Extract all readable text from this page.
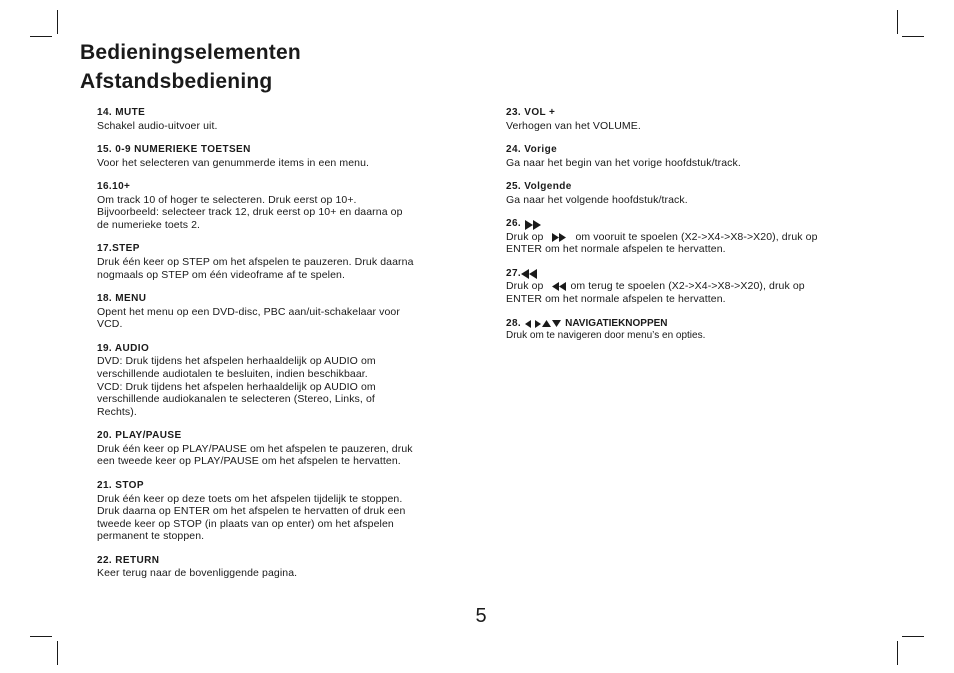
Bedieningselementen
Afstandsbediening
14. MUTE
Schakel audio-uitvoer uit.
15. 0-9 NUMERIEKE TOETSEN
Voor het selecteren van genummerde items in een menu.
16.10+
Om track 10 of hoger te selecteren. Druk eerst op 10+.
Bijvoorbeeld: selecteer track 12, druk eerst op 10+ en daarna op
de numerieke toets 2.
17.STEP
Druk één keer op STEP om het afspelen te pauzeren. Druk daarna
nogmaals op STEP om één videoframe af te spelen.
18. MENU
Opent het menu op een DVD-disc, PBC aan/uit-schakelaar voor
VCD.
19. AUDIO
DVD: Druk tijdens het afspelen herhaaldelijk op AUDIO om
verschillende audiotalen te besluiten, indien beschikbaar.
VCD: Druk tijdens het afspelen herhaaldelijk op AUDIO om
verschillende audiokanalen te selecteren (Stereo, Links, of
Rechts).
20. PLAY/PAUSE
Druk één keer op PLAY/PAUSE om het afspelen te pauzeren, druk
een tweede keer op PLAY/PAUSE om het afspelen te hervatten.
21. STOP
Druk één keer op deze toets om het afspelen tijdelijk te stoppen.
Druk daarna op ENTER om het afspelen te hervatten of druk een
tweede keer op STOP (in plaats van op enter) om het afspelen
permanent te stoppen.
22. RETURN
Keer terug naar de bovenliggende pagina.
23. VOL +
Verhogen van het VOLUME.
24. Vorige
Ga naar het begin van het vorige hoofdstuk/track.
25. Volgende
Ga naar het volgende hoofdstuk/track.
26.
Druk op	om vooruit te spoelen (X2->X4->X8->X20), druk op
ENTER om het normale afspelen te hervatten.
27.
Druk op	om terug te spoelen (X2->X4->X8->X20), druk op
ENTER om het normale afspelen te hervatten.
28.	NAVIGATIEKNOPPEN
Druk om te navigeren door menu’s en opties.
5
